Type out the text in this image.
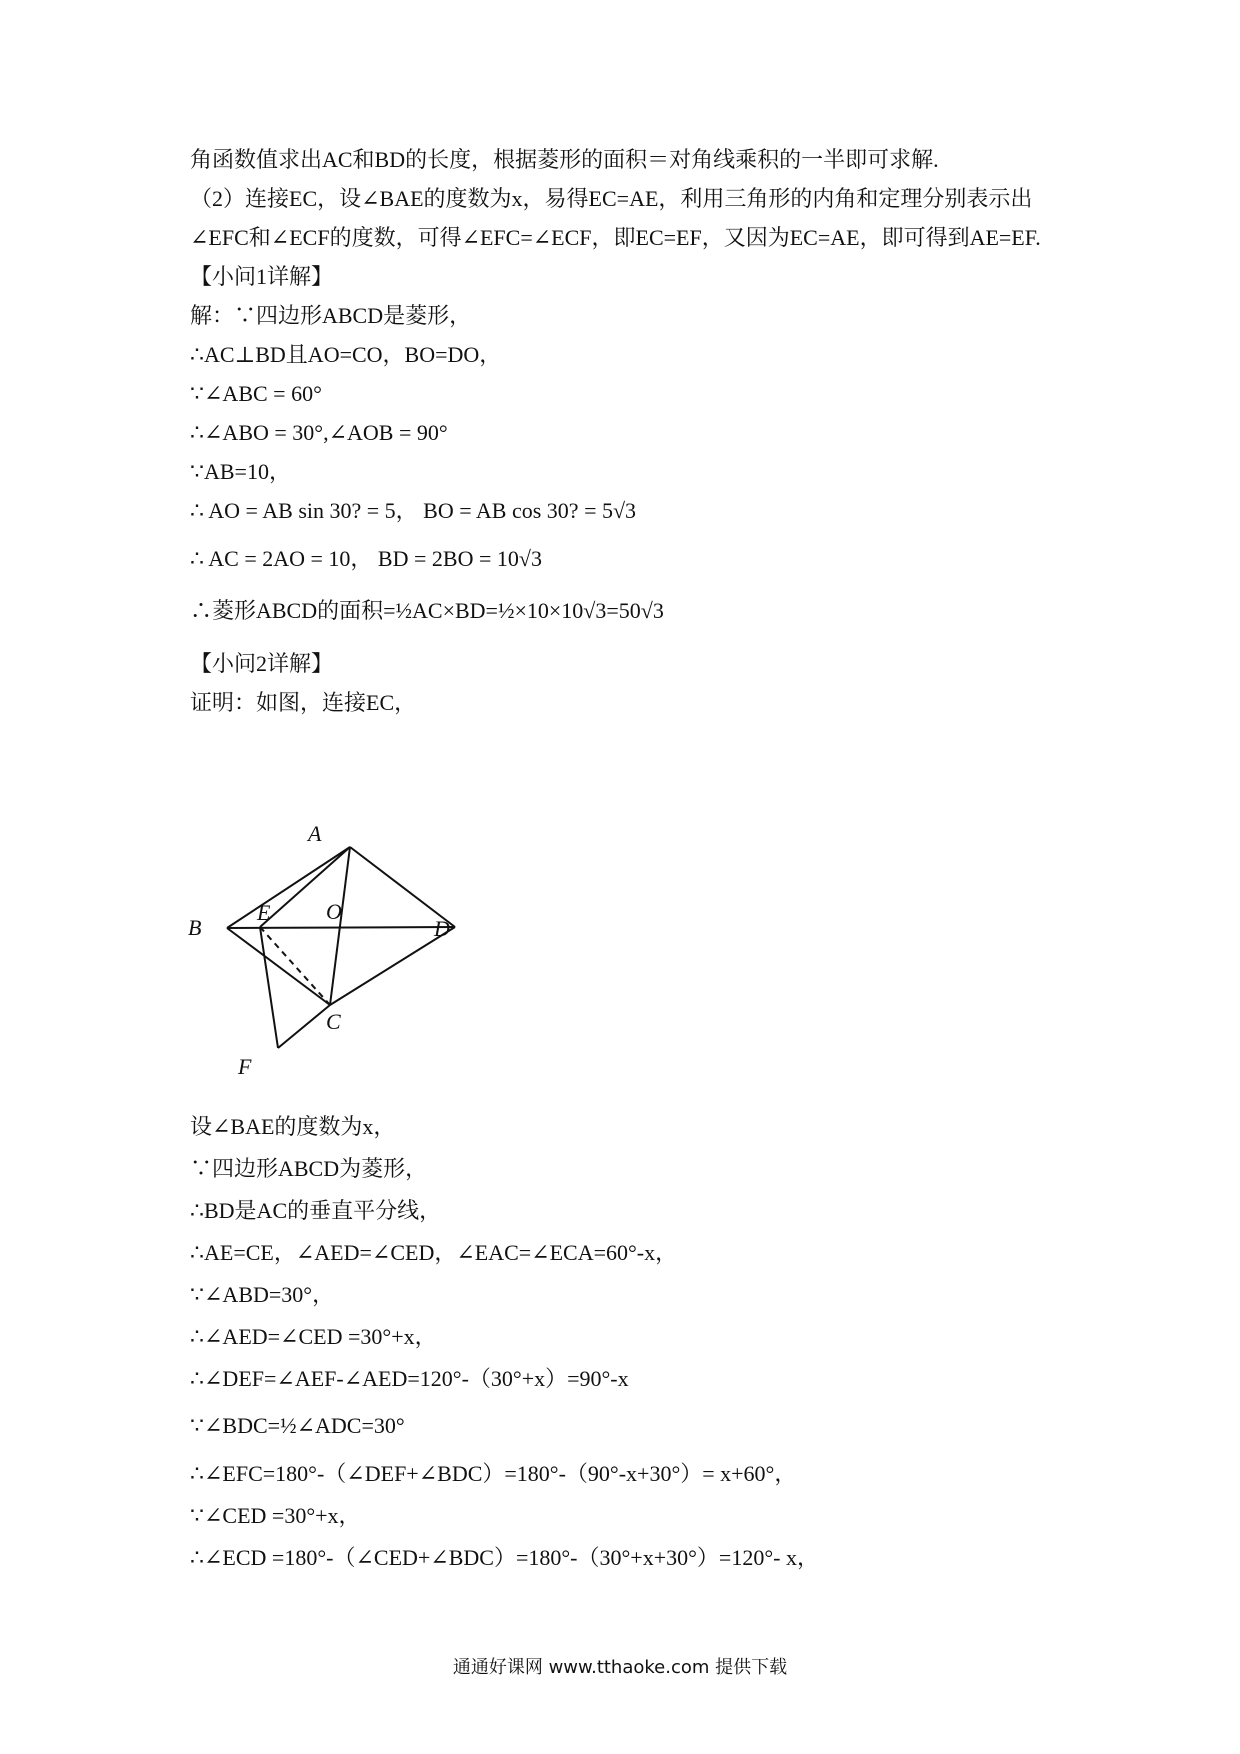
角函数值求出AC和BD的长度，根据菱形的面积＝对角线乘积的一半即可求解.
（2）连接EC，设∠BAE的度数为x，易得EC=AE，利用三角形的内角和定理分别表示出
∠EFC和∠ECF的度数，可得∠EFC=∠ECF，即EC=EF，又因为EC=AE，即可得到AE=EF.
【小问1详解】
解：∵四边形ABCD是菱形，
∴AC⊥BD且AO=CO，BO=DO，
∵∠ABC = 60°
∴∠ABO = 30°,∠AOB = 90°
∵AB=10，
∴ AO = AB sin 30? = 5， BO = AB cos 30? = 5√3
∴ AC = 2AO = 10， BD = 2BO = 10√3
∴菱形ABCD的面积=½AC×BD=½×10×10√3=50√3
【小问2详解】
证明：如图，连接EC，
A
B
C
D
E	O
F
设∠BAE的度数为x，
∵四边形ABCD为菱形，
∴BD是AC的垂直平分线，
∴AE=CE，∠AED=∠CED，∠EAC=∠ECA=60°-x，
∵∠ABD=30°，
∴∠AED=∠CED =30°+x，
∴∠DEF=∠AEF-∠AED=120°-（30°+x）=90°-x
∵∠BDC=½∠ADC=30°
∴∠EFC=180°-（∠DEF+∠BDC）=180°-（90°-x+30°）= x+60°，
∵∠CED =30°+x，
∴∠ECD =180°-（∠CED+∠BDC）=180°-（30°+x+30°）=120°- x，
通通好课网 www.tthaoke.com 提供下载
